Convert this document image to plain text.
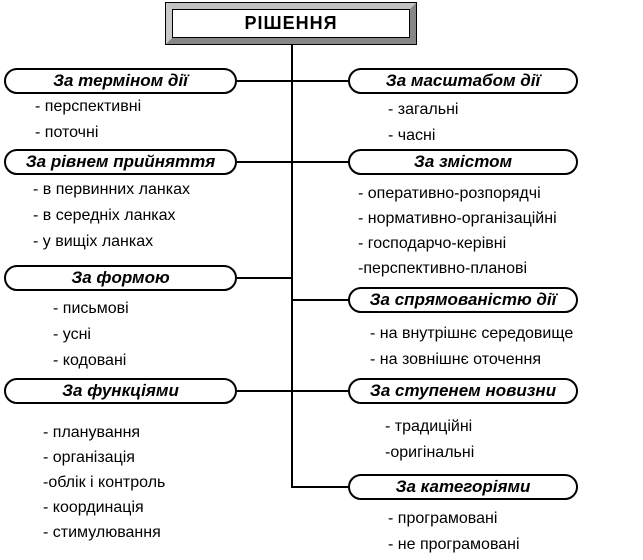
РІШЕННЯ
За терміном дії
За рівнем прийняття
За формою
За функціями
За масштабом дії
За змістом
За спрямованістю дії
За ступенем новизни
За категоріями
- перспективні
- поточні
- в первинних ланках
- в середніх ланках
- у вищіх ланках
- письмові
- усні
- кодовані
- планування
- організація
-облік і контроль
- координація
- стимулювання
- загальні
- часні
- оперативно-розпорядчі
- нормативно-організаційні
- господарчо-керівні
-перспективно-планові
- на внутрішнє середовище
- на зовнішнє оточення
- традиційні
-оригінальні
- програмовані
- не програмовані
